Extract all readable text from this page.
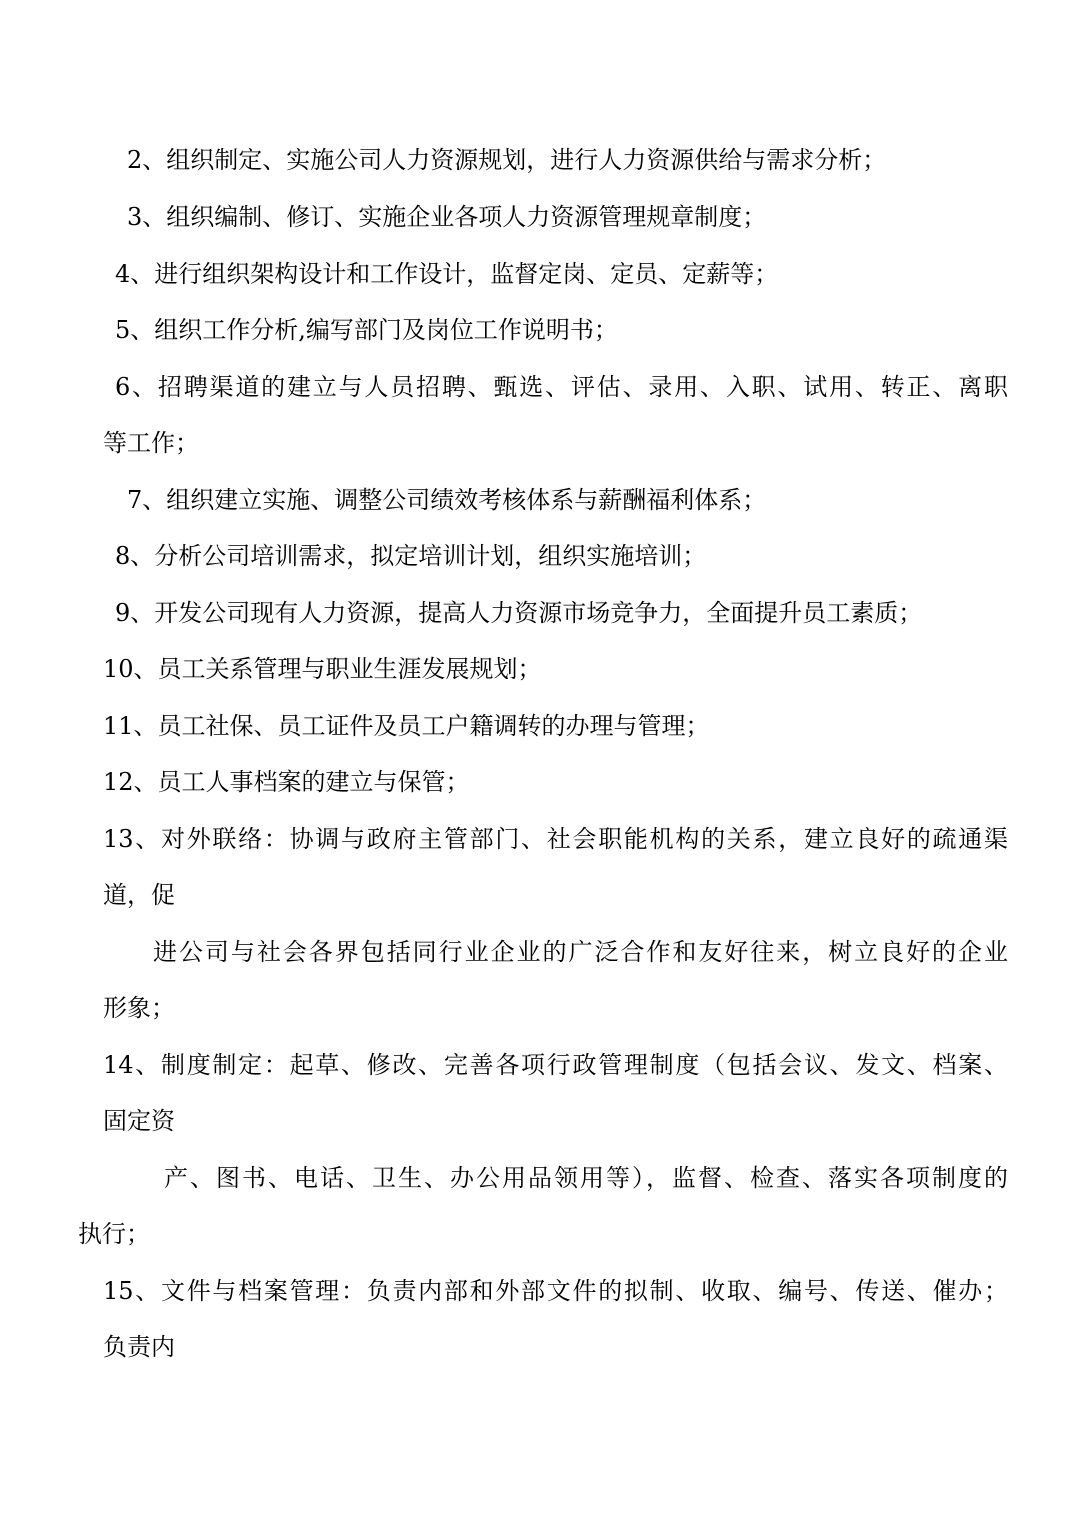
2、组织制定、实施公司人力资源规划，进行人力资源供给与需求分析；
3、组织编制、修订、实施企业各项人力资源管理规章制度；
4、进行组织架构设计和工作设计，监督定岗、定员、定薪等；
5、组织工作分析,编写部门及岗位工作说明书；
6、招聘渠道的建立与人员招聘、甄选、评估、录用、入职、试用、转正、离职
等工作；
7、组织建立实施、调整公司绩效考核体系与薪酬福利体系；
8、分析公司培训需求，拟定培训计划，组织实施培训；
9、开发公司现有人力资源，提高人力资源市场竞争力，全面提升员工素质；
10、员工关系管理与职业生涯发展规划；
11、员工社保、员工证件及员工户籍调转的办理与管理；
12、员工人事档案的建立与保管；
13、对外联络：协调与政府主管部门、社会职能机构的关系，建立良好的疏通渠
道，促
进公司与社会各界包括同行业企业的广泛合作和友好往来，树立良好的企业
形象；
14、制度制定：起草、修改、完善各项行政管理制度（包括会议、发文、档案、
固定资
产、图书、电话、卫生、办公用品领用等），监督、检查、落实各项制度的
执行；
15、文件与档案管理：负责内部和外部文件的拟制、收取、编号、传送、催办；
负责内
